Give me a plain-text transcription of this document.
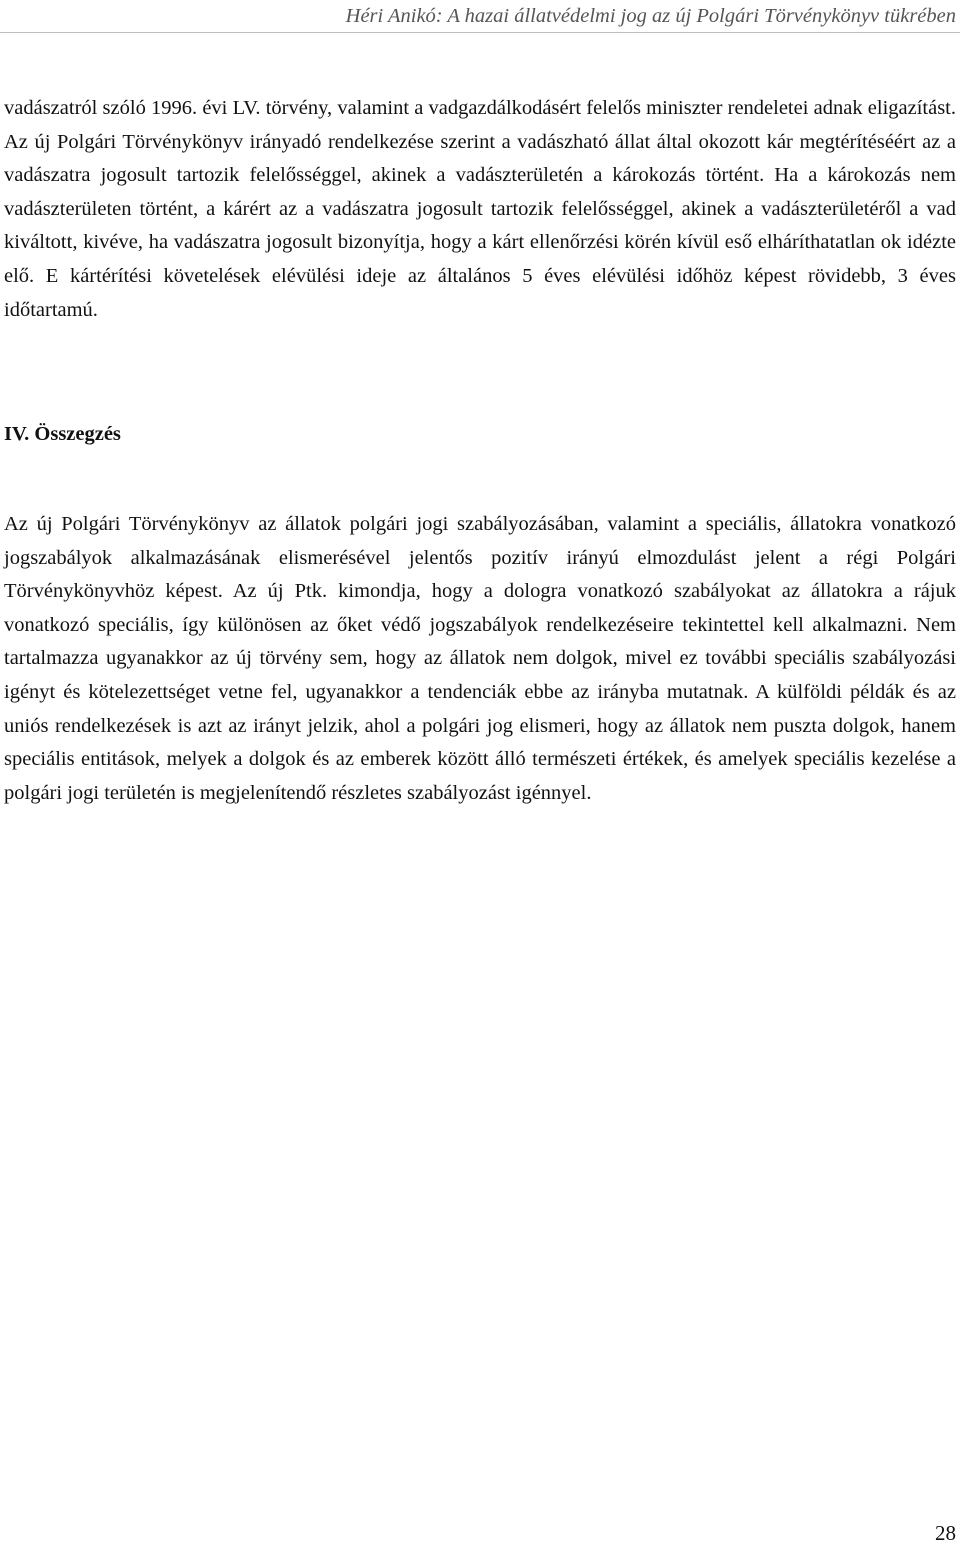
Héri Anikó: A hazai állatvédelmi jog az új Polgári Törvénykönyv tükrében

vadászatról szóló 1996. évi LV. törvény, valamint a vadgazdálkodásért felelős miniszter rendeletei adnak eligazítást. Az új Polgári Törvénykönyv irányadó rendelkezése szerint a vadászható állat által okozott kár megtérítéséért az a vadászatra jogosult tartozik felelősséggel, akinek a vadászterületén a károkozás történt. Ha a károkozás nem vadászterületen történt, a kárért az a vadászatra jogosult tartozik felelősséggel, akinek a vadászterületéről a vad kiváltott, kivéve, ha vadászatra jogosult bizonyítja, hogy a kárt ellenőrzési körén kívül eső elháríthatatlan ok idézte elő. E kártérítési követelések elévülési ideje az általános 5 éves elévülési időhöz képest rövidebb, 3 éves időtartamú.

IV. Összegzés

Az új Polgári Törvénykönyv az állatok polgári jogi szabályozásában, valamint a speciális, állatokra vonatkozó jogszabályok alkalmazásának elismerésével jelentős pozitív irányú elmozdulást jelent a régi Polgári Törvénykönyvhöz képest. Az új Ptk. kimondja, hogy a dologra vonatkozó szabályokat az állatokra a rájuk vonatkozó speciális, így különösen az őket védő jogszabályok rendelkezéseire tekintettel kell alkalmazni. Nem tartalmazza ugyanakkor az új törvény sem, hogy az állatok nem dolgok, mivel ez további speciális szabályozási igényt és kötelezettséget vetne fel, ugyanakkor a tendenciák ebbe az irányba mutatnak. A külföldi példák és az uniós rendelkezések is azt az irányt jelzik, ahol a polgári jog elismeri, hogy az állatok nem puszta dolgok, hanem speciális entitások, melyek a dolgok és az emberek között álló természeti értékek, és amelyek speciális kezelése a polgári jogi területén is megjelenítendő részletes szabályozást igénnyel.

28
